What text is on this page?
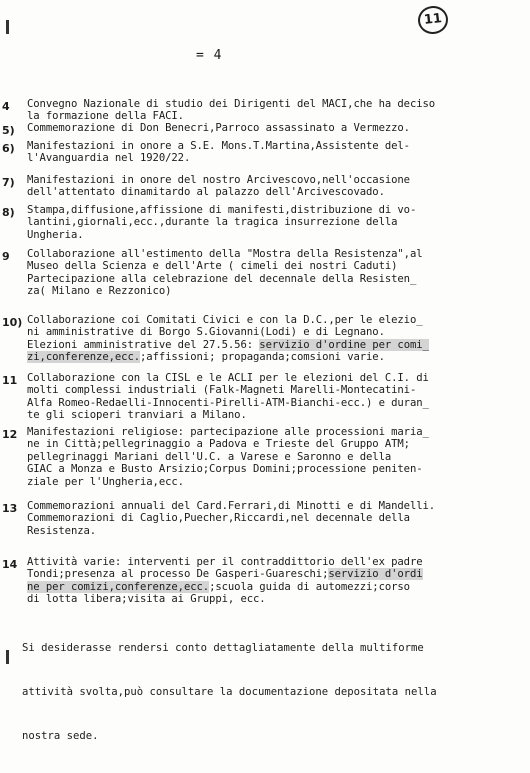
= 4
11
4 Convegno Nazionale di studio dei Dirigenti del MACI,che ha deciso
la formazione della FACI.
5) Commemorazione di Don Benecri,Parroco assassinato a Vermezzo.
6) Manifestazioni in onore a S.E. Mons.T.Martina,Assistente del-
l'Avanguardia nel 1920/22.
7) Manifestazioni in onore del nostro Arcivescovo,nell'occasione
dell'attentato dinamitardo al palazzo dell'Arcivescovado.
8) Stampa,diffusione,affissione di manifesti,distribuzione di vo-
lantini,giornali,ecc.,durante la tragica insurrezione della
Ungheria.
9 Collaborazione all'estimento della "Mostra della Resistenza",al
Museo della Scienza e dell'Arte ( cimeli dei nostri Caduti)
Partecipazione alla celebrazione del decennale della Resisten_
za( Milano e Rezzonico)
10) Collaborazione coi Comitati Civici e con la D.C.,per le elezio_
ni amministrative di Borgo S.Giovanni(Lodi) e di Legnano.
Elezioni amministrative del 27.5.56: servizio d'ordine per comi_
zi,conferenze,ecc.;affissioni; propaganda;comsioni varie.
11 Collaborazione con la CISL e le ACLI per le elezioni del C.I. di
molti complessi industriali (Falk-Magneti Marelli-Montecatini-
Alfa Romeo-Redaelli-Innocenti-Pirelli-ATM-Bianchi-ecc.) e duran_
te gli scioperi tranviari a Milano.
12 Manifestazioni religiose: partecipazione alle processioni maria_
ne in Città;pellegrinaggio a Padova e Trieste del Gruppo ATM;
pellegrinaggi Mariani dell'U.C. a Varese e Saronno e della
GIAC a Monza e Busto Arsizio;Corpus Domini;processione peniten-
ziale per l'Ungheria,ecc.
13 Commemorazioni annuali del Card.Ferrari,di Minotti e di Mandelli.
Commemorazioni di Caglio,Puecher,Riccardi,nel decennale della
Resistenza.
14 Attività varie: interventi per il contraddittorio dell'ex padre
Tondi;presenza al processo De Gasperi-Guareschi;servizio d'ordi
ne per comizi,conferenze,ecc.;scuola guida di automezzi;corso
di lotta libera;visita ai Gruppi, ecc.

Si desiderasse rendersi conto dettagliatamente della multiforme

attività svolta,può consultare la documentazione depositata nella

nostra sede.
